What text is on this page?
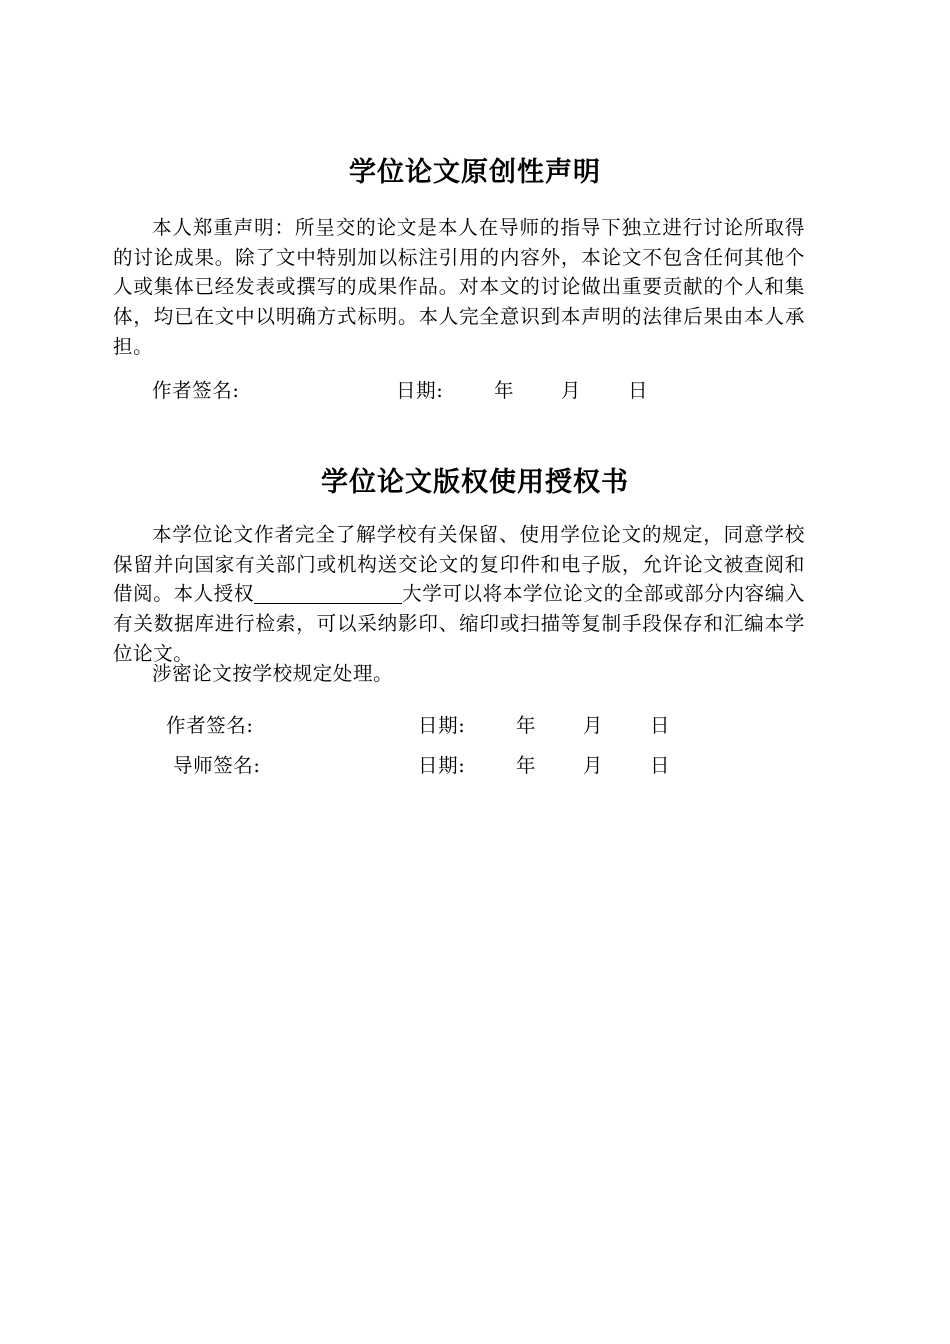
学位论文原创性声明

本人郑重声明：所呈交的论文是本人在导师的指导下独立进行讨论所取得的讨论成果。除了文中特别加以标注引用的内容外，本论文不包含任何其他个人或集体已经发表或撰写的成果作品。对本文的讨论做出重要贡献的个人和集体，均已在文中以明确方式标明。本人完全意识到本声明的法律后果由本人承担。

作者签名:	日期:	年 月 日
学位论文版权使用授权书

本学位论文作者完全了解学校有关保留、使用学位论文的规定，同意学校保留并向国家有关部门或机构送交论文的复印件和电子版，允许论文被查阅和借阅。本人授权	大学可以将本学位论文的全部或部分内容编入有关数据库进行检索，可以采纳影印、缩印或扫描等复制手段保存和汇编本学位论文。

涉密论文按学校规定处理。

作者签名:	日期:	年 月 日
导师签名:	日期:	年 月 日
